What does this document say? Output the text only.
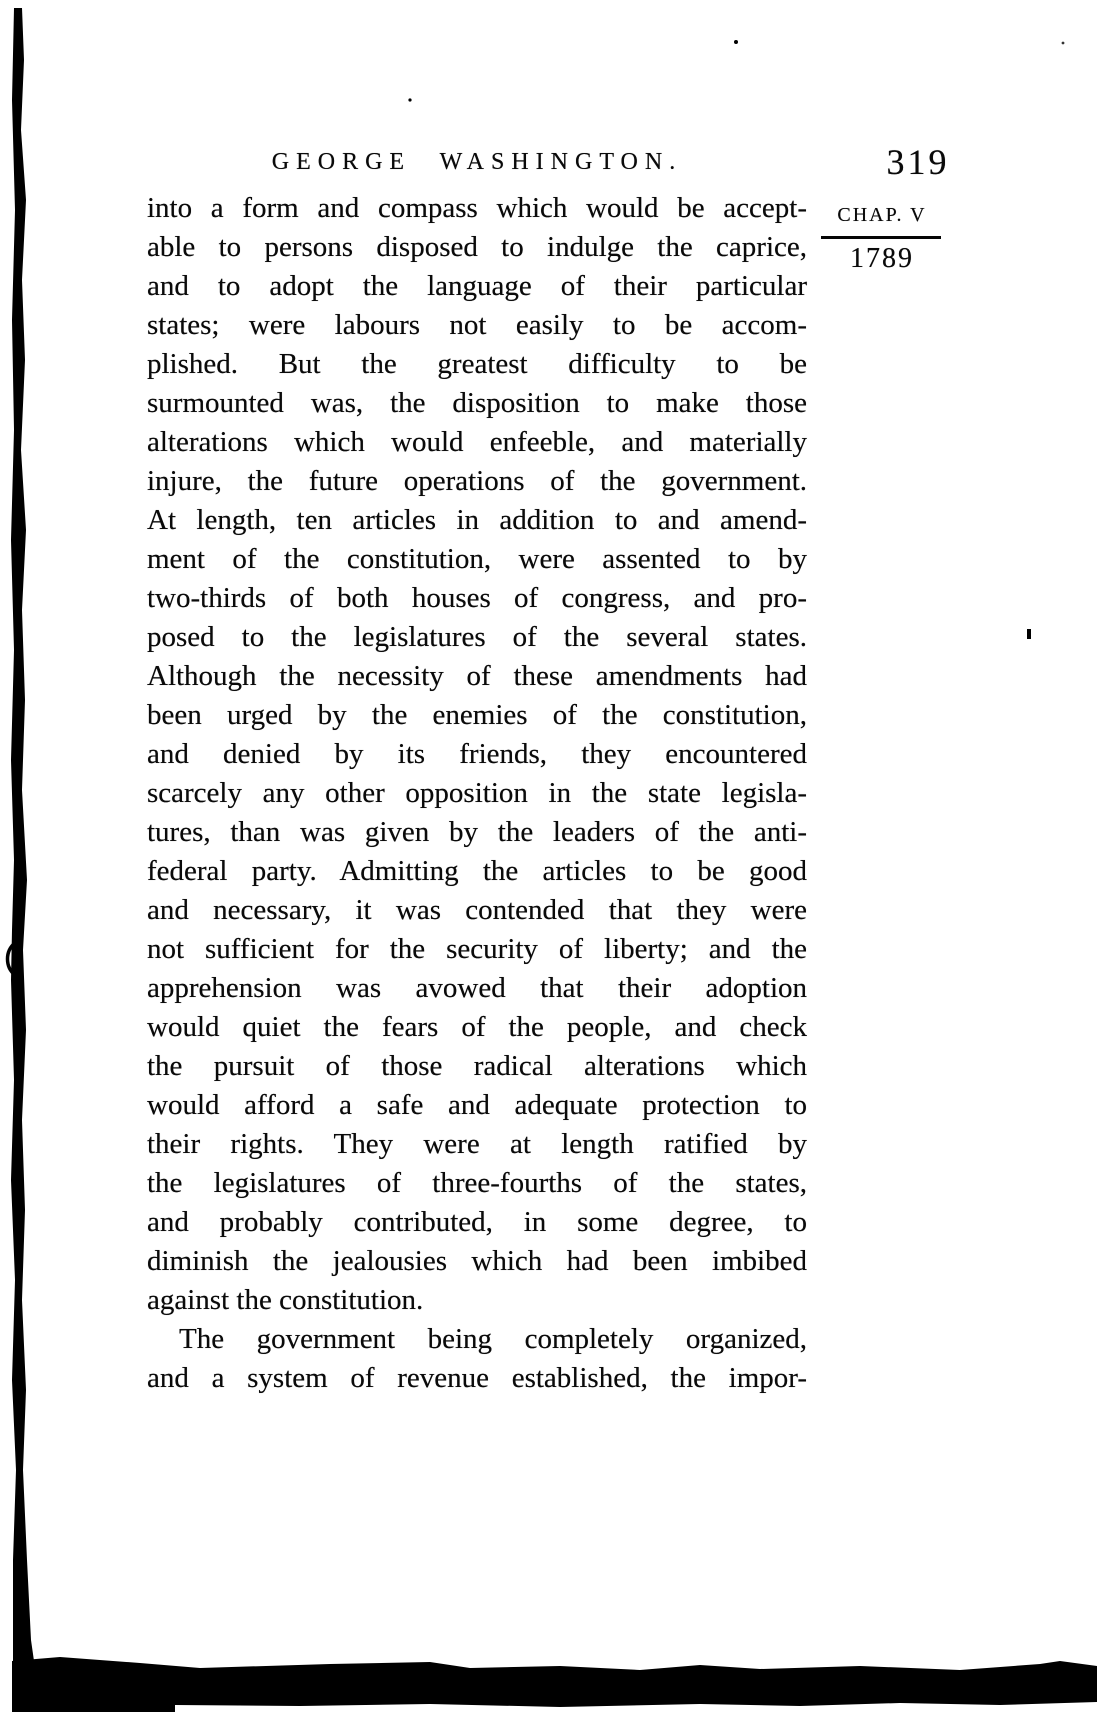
GEORGE WASHINGTON.	319
CHAP. V
1789
into a form and compass which would be accept-
able to persons disposed to indulge the caprice,
and to adopt the language of their particular
states; were labours not easily to be accom-
plished. But the greatest difficulty to be
surmounted was, the disposition to make those
alterations which would enfeeble, and materially
injure, the future operations of the government.
At length, ten articles in addition to and amend-
ment of the constitution, were assented to by
two-thirds of both houses of congress, and pro-
posed to the legislatures of the several states.
Although the necessity of these amendments had
been urged by the enemies of the constitution,
and denied by its friends, they encountered
scarcely any other opposition in the state legisla-
tures, than was given by the leaders of the anti-
federal party. Admitting the articles to be good
and necessary, it was contended that they were
not sufficient for the security of liberty; and the
apprehension was avowed that their adoption
would quiet the fears of the people, and check
the pursuit of those radical alterations which
would afford a safe and adequate protection to
their rights. They were at length ratified by
the legislatures of three-fourths of the states,
and probably contributed, in some degree, to
diminish the jealousies which had been imbibed
against the constitution.
The government being completely organized,
and a system of revenue established, the impor-
